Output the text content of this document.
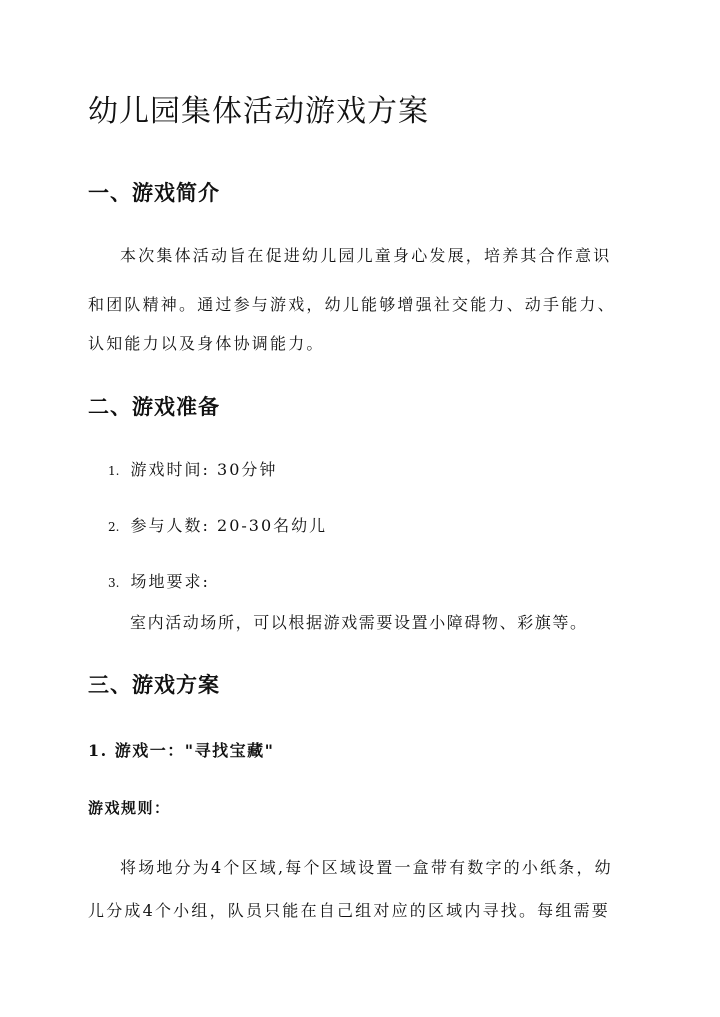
幼儿园集体活动游戏方案
一、游戏简介
本次集体活动旨在促进幼儿园儿童身心发展，培养其合作意识
和团队精神。通过参与游戏，幼儿能够增强社交能力、动手能力、
认知能力以及身体协调能力。
二、游戏准备
1. 游戏时间: 30分钟
2. 参与人数: 20-30名幼儿
3. 场地要求:
室内活动场所，可以根据游戏需要设置小障碍物、彩旗等。
三、游戏方案
1. 游戏一："寻找宝藏"
游戏规则：
将场地分为4个区域,每个区域设置一盒带有数字的小纸条，幼
儿分成4个小组，队员只能在自己组对应的区域内寻找。每组需要
